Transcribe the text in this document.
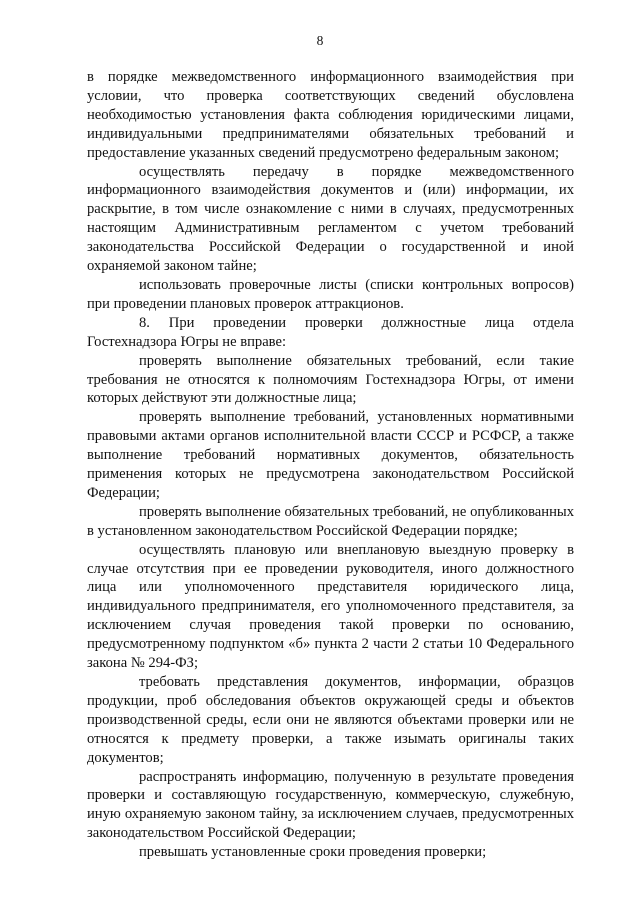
8

в порядке межведомственного информационного взаимодействия при условии, что проверка соответствующих сведений обусловлена необходимостью установления факта соблюдения юридическими лицами, индивидуальными предпринимателями обязательных требований и предоставление указанных сведений предусмотрено федеральным законом;

осуществлять передачу в порядке межведомственного информационного взаимодействия документов и (или) информации, их раскрытие, в том числе ознакомление с ними в случаях, предусмотренных настоящим Административным регламентом с учетом требований законодательства Российской Федерации о государственной и иной охраняемой законом тайне;

использовать проверочные листы (списки контрольных вопросов) при проведении плановых проверок аттракционов.

8. При проведении проверки должностные лица отдела Гостехнадзора Югры не вправе:

проверять выполнение обязательных требований, если такие требования не относятся к полномочиям Гостехнадзора Югры, от имени которых действуют эти должностные лица;

проверять выполнение требований, установленных нормативными правовыми актами органов исполнительной власти СССР и РСФСР, а также выполнение требований нормативных документов, обязательность применения которых не предусмотрена законодательством Российской Федерации;

проверять выполнение обязательных требований, не опубликованных в установленном законодательством Российской Федерации порядке;

осуществлять плановую или внеплановую выездную проверку в случае отсутствия при ее проведении руководителя, иного должностного лица или уполномоченного представителя юридического лица, индивидуального предпринимателя, его уполномоченного представителя, за исключением случая проведения такой проверки по основанию, предусмотренному подпунктом «б» пункта 2 части 2 статьи 10 Федерального закона № 294-ФЗ;

требовать представления документов, информации, образцов продукции, проб обследования объектов окружающей среды и объектов производственной среды, если они не являются объектами проверки или не относятся к предмету проверки, а также изымать оригиналы таких документов;

распространять информацию, полученную в результате проведения проверки и составляющую государственную, коммерческую, служебную, иную охраняемую законом тайну, за исключением случаев, предусмотренных законодательством Российской Федерации;

превышать установленные сроки проведения проверки;
